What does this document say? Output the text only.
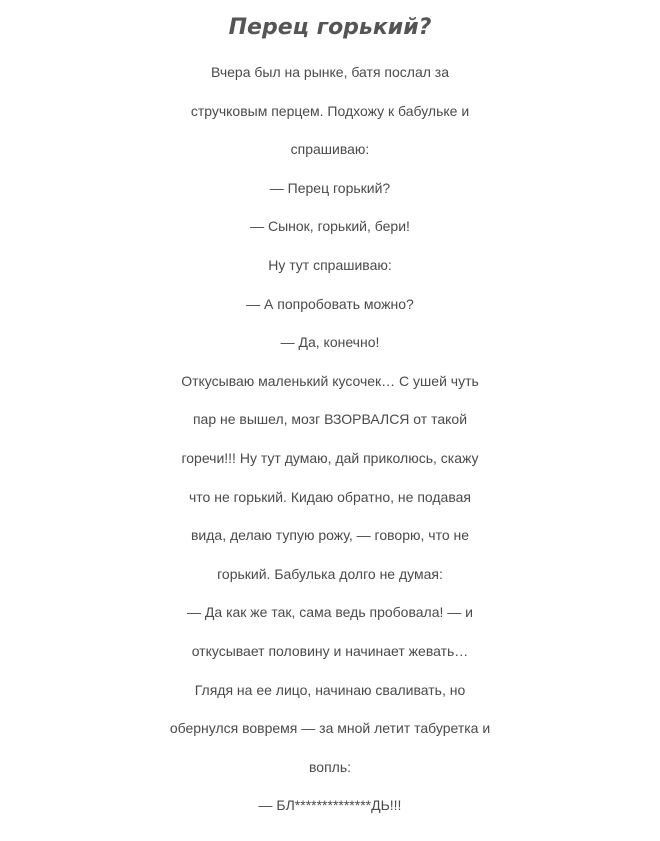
Перец горький?
Вчера был на рынке, батя послал за
стручковым перцем. Подхожу к бабульке и
спрашиваю:
— Перец горький?
— Сынок, горький, бери!
Ну тут спрашиваю:
— А попробовать можно?
— Да, конечно!
Откусываю маленький кусочек… С ушей чуть
пар не вышел, мозг ВЗОРВАЛСЯ от такой
горечи!!! Ну тут думаю, дай приколюсь, скажу
что не горький. Кидаю обратно, не подавая
вида, делаю тупую рожу, — говорю, что не
горький. Бабулька долго не думая:
— Да как же так, сама ведь пробовала! — и
откусывает половину и начинает жевать…
Глядя на ее лицо, начинаю сваливать, но
обернулся вовремя — за мной летит табуретка и
вопль:
— БЛ**************ДЬ!!!
